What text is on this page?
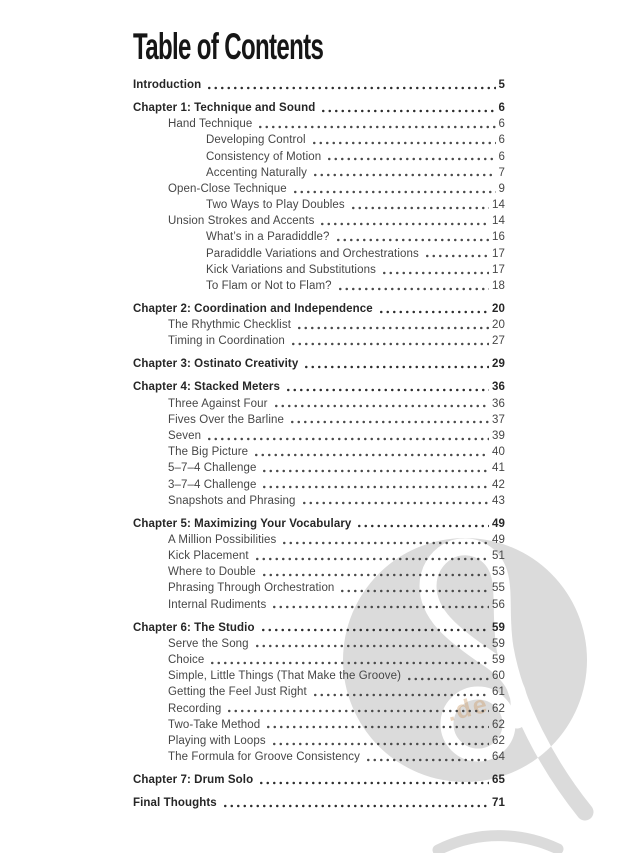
Table of Contents
Introduction	5
Chapter 1: Technique and Sound	6
Hand Technique	6
Developing Control	6
Consistency of Motion	6
Accenting Naturally	7
Open-Close Technique	9
Two Ways to Play Doubles	14
Unsion Strokes and Accents	14
What’s in a Paradiddle?	16
Paradiddle Variations and Orchestrations	17
Kick Variations and Substitutions	17
To Flam or Not to Flam?	18
Chapter 2: Coordination and Independence	20
The Rhythmic Checklist	20
Timing in Coordination	27
Chapter 3: Ostinato Creativity	29
Chapter 4: Stacked Meters	36
Three Against Four	36
Fives Over the Barline	37
Seven	39
The Big Picture	40
5–7–4 Challenge	41
3–7–4 Challenge	42
Snapshots and Phrasing	43
Chapter 5: Maximizing Your Vocabulary	49
A Million Possibilities	49
Kick Placement	51
Where to Double	53
Phrasing Through Orchestration	55
Internal Rudiments	56
Chapter 6: The Studio	59
Serve the Song	59
Choice	59
Simple, Little Things (That Make the Groove)	60
Getting the Feel Just Right	61
Recording	62
Two-Take Method	62
Playing with Loops	62
The Formula for Groove Consistency	64
Chapter 7: Drum Solo	65
Final Thoughts	71
